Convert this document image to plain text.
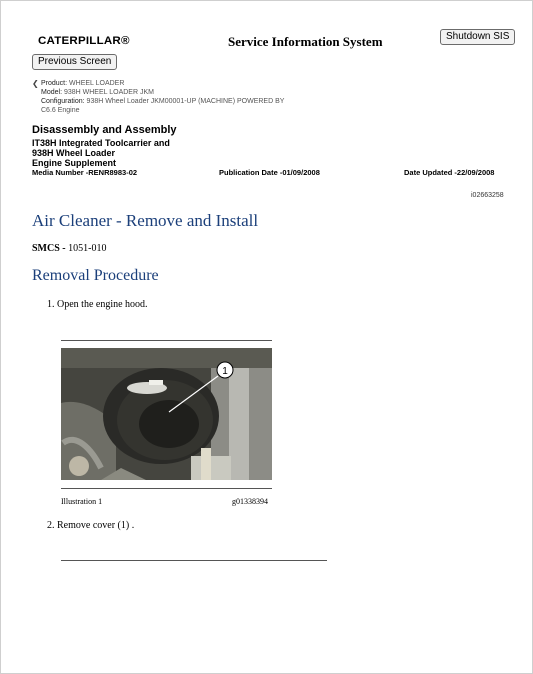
CATERPILLAR®	Service Information System	Shutdown SIS
Previous Screen
❮ Product: WHEEL LOADER
Model: 938H WHEEL LOADER JKM
Configuration: 938H Wheel Loader JKM00001-UP (MACHINE) POWERED BY
C6.6 Engine
Disassembly and Assembly
IT38H Integrated Toolcarrier and
938H Wheel Loader
Engine Supplement
Media Number -RENR8983-02	Publication Date -01/09/2008	Date Updated -22/09/2008
i02663258
Air Cleaner - Remove and Install
SMCS - 1051-010
Removal Procedure
1. Open the engine hood.
1
Illustration 1	g01338394
2. Remove cover (1) .
